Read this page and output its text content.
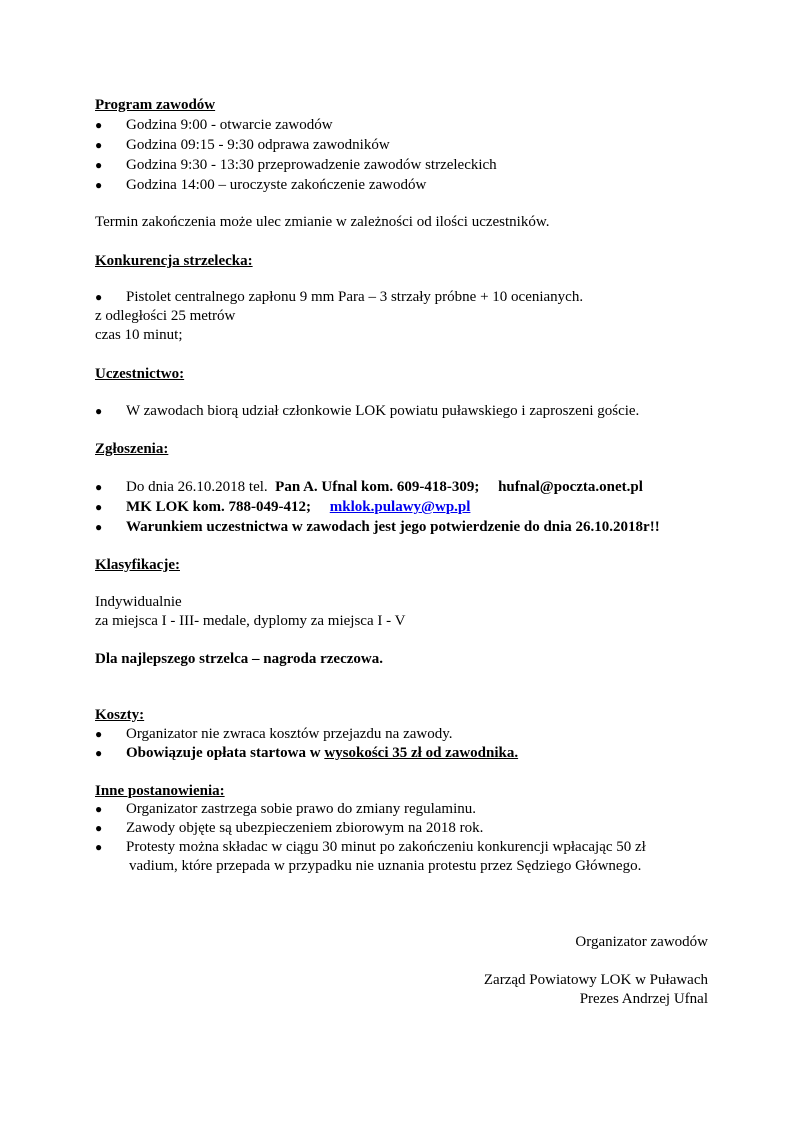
Program zawodów
● Godzina 9:00 - otwarcie zawodów
● Godzina 09:15 - 9:30 odprawa zawodników
● Godzina 9:30 - 13:30 przeprowadzenie zawodów strzeleckich
● Godzina 14:00 – uroczyste zakończenie zawodów
Termin zakończenia może ulec zmianie w zależności od ilości uczestników.
Konkurencja strzelecka:
● Pistolet centralnego zapłonu 9 mm Para – 3 strzały próbne + 10 ocenianych.
z odległości 25 metrów
czas 10 minut;
Uczestnictwo:
● W zawodach biorą udział członkowie LOK powiatu puławskiego i zaproszeni goście.
Zgłoszenia:
● Do dnia 26.10.2018 tel. Pan A. Ufnal kom. 609-418-309; hufnal@poczta.onet.pl
● MK LOK kom. 788-049-412; mklok.pulawy@wp.pl
● Warunkiem uczestnictwa w zawodach jest jego potwierdzenie do dnia 26.10.2018r!!
Klasyfikacje:
Indywidualnie
za miejsca I - III- medale, dyplomy za miejsca I - V
Dla najlepszego strzelca – nagroda rzeczowa.
Koszty:
● Organizator nie zwraca kosztów przejazdu na zawody.
● Obowiązuje opłata startowa w wysokości 35 zł od zawodnika.
Inne postanowienia:
● Organizator zastrzega sobie prawo do zmiany regulaminu.
● Zawody objęte są ubezpieczeniem zbiorowym na 2018 rok.
● Protesty można składac w ciągu 30 minut po zakończeniu konkurencji wpłacając 50 zł
vadium, które przepada w przypadku nie uznania protestu przez Sędziego Głównego.
Organizator zawodów
Zarząd Powiatowy LOK w Puławach
Prezes Andrzej Ufnal
